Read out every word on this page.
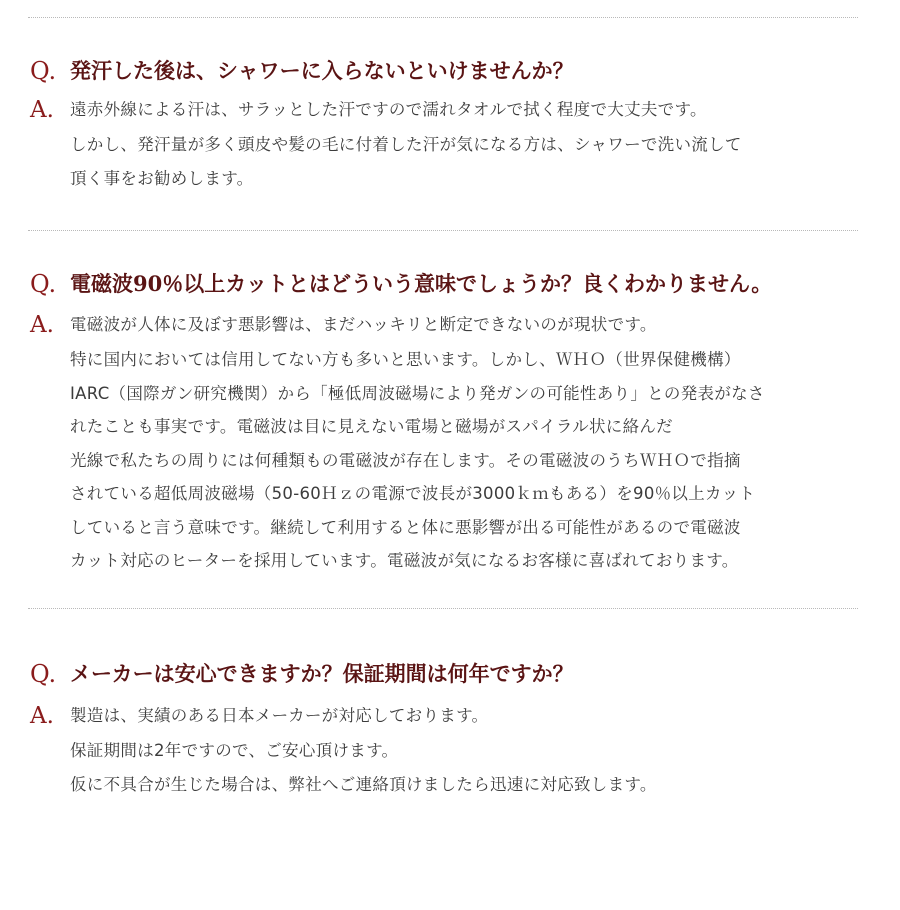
Q. 発汗した後は、シャワーに入らないといけませんか？
A. 遠赤外線による汗は、サラッとした汗ですので濡れタオルで拭く程度で大丈夫です。
しかし、発汗量が多く頭皮や髪の毛に付着した汗が気になる方は、シャワーで洗い流して
頂く事をお勧めします。
Q. 電磁波90％以上カットとはどういう意味でしょうか？良くわかりません。
A. 電磁波が人体に及ぼす悪影響は、まだハッキリと断定できないのが現状です。
特に国内においては信用してない方も多いと思います。しかし、ＷＨＯ（世界保健機構）
IARC（国際ガン研究機関）から「極低周波磁場により発ガンの可能性あり」との発表がなさ
れたことも事実です。電磁波は目に見えない電場と磁場がスパイラル状に絡んだ
光線で私たちの周りには何種類もの電磁波が存在します。その電磁波のうちＷＨＯで指摘
されている超低周波磁場（50-60Ｈｚの電源で波長が3000ｋｍもある）を90％以上カット
していると言う意味です。継続して利用すると体に悪影響が出る可能性があるので電磁波
カット対応のヒーターを採用しています。電磁波が気になるお客様に喜ばれております。
Q. メーカーは安心できますか？保証期間は何年ですか？
A. 製造は、実績のある日本メーカーが対応しております。
保証期間は2年ですので、ご安心頂けます。
仮に不具合が生じた場合は、弊社へご連絡頂けましたら迅速に対応致します。
